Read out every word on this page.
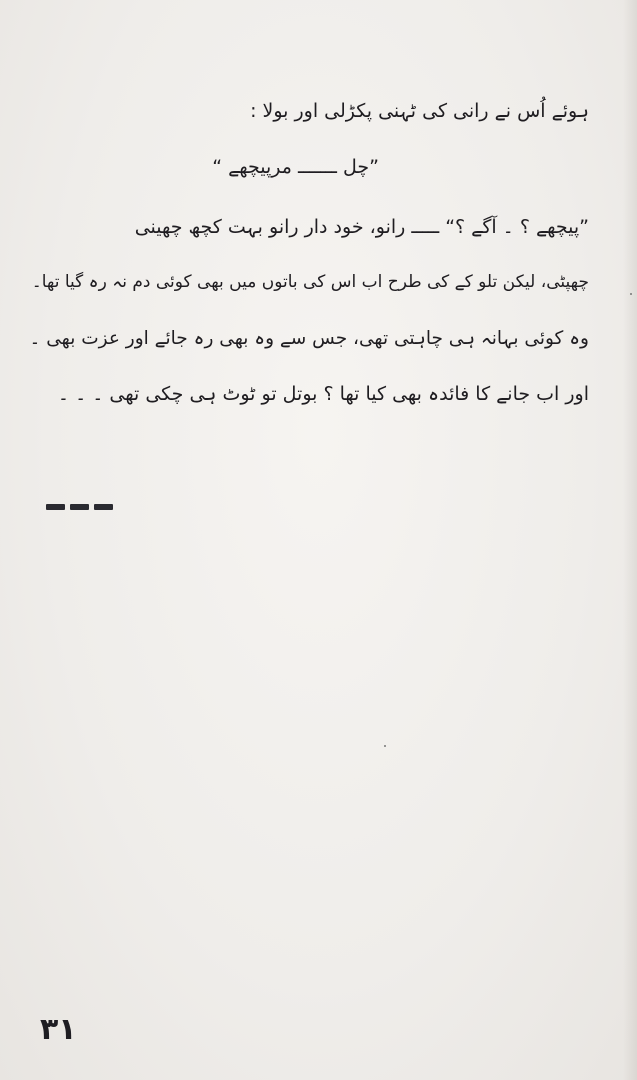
ہوئے اُس نے رانی کی ٹہنی پکڑلی اور بولا :
”چل ـــــــ مرپیچھے “
”پیچھے ؟ ۔ آگے ؟“ ـــــ رانو، خود دار رانو بہت کچھ چھینی
چھپٹی، لیکن تلو کے کی طرح اب اس کی باتوں میں بھی کوئی دم نہ رہ گیا تھا۔
وہ کوئی بہانہ ہی چاہتی تھی، جس سے وہ بھی رہ جائے اور عزت بھی ۔
اور اب جانے کا فائدہ بھی کیا تھا ؟ بوتل تو ٹوٹ ہی چکی تھی ۔ ۔ ۔
۳۱
